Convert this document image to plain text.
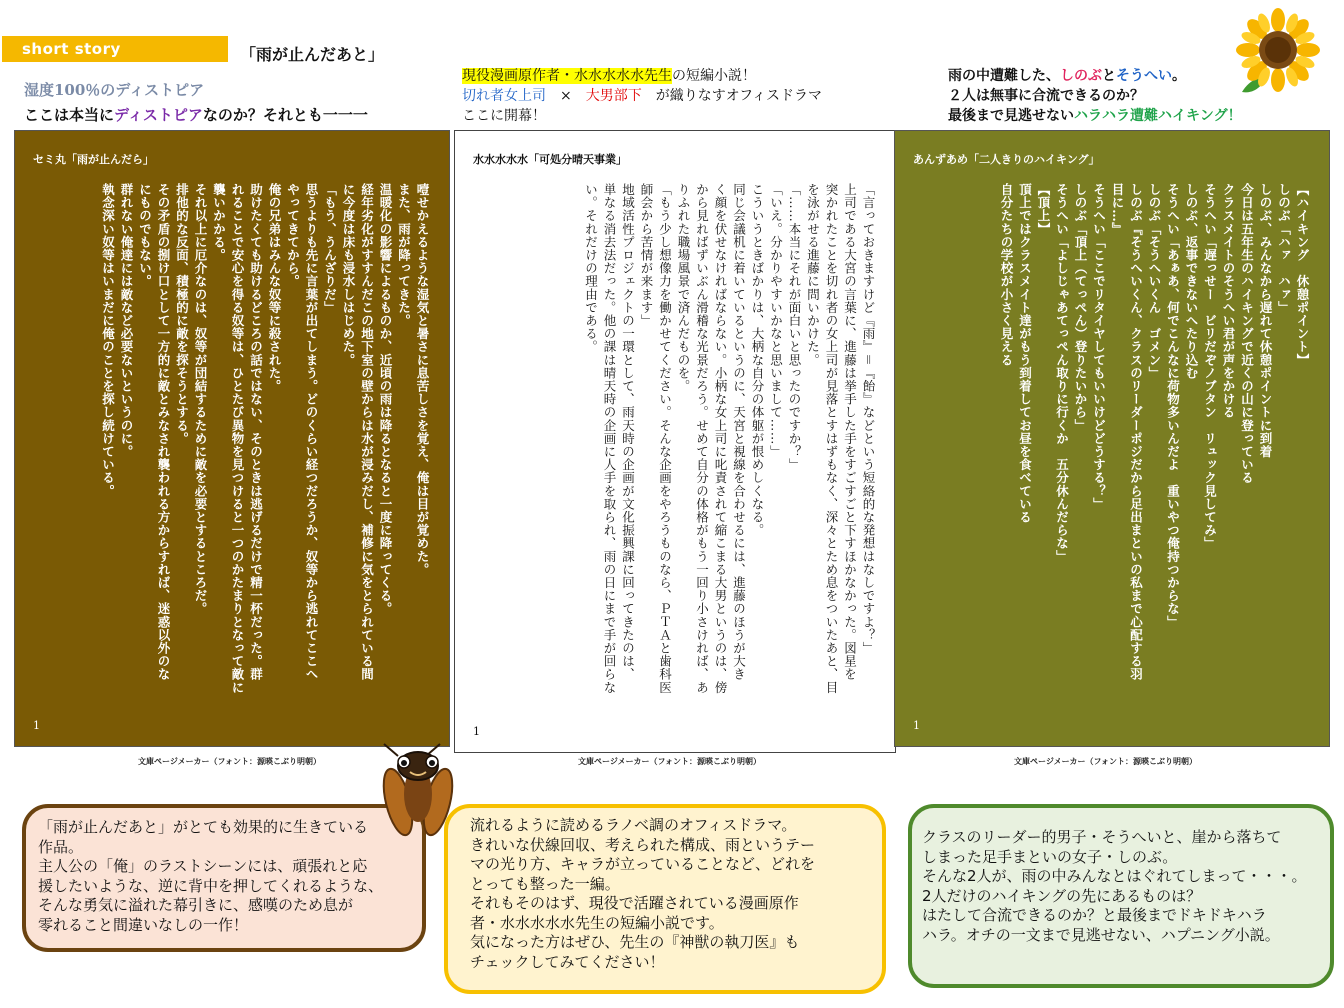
short story	「雨が止んだあと」
湿度100％のディストピア
ここは本当にディストピアなのか？それとも一一一
現役漫画原作者・水水水水水先生の短編小説！
切れ者女上司　×　大男部下　が織りなすオフィスドラマ
ここに開幕！
雨の中遭難した、しのぶとそうへい。
２人は無事に合流できるのか？
最後まで見逃せないハラハラ遭難ハイキング！
セミ丸「雨が止んだら」
噎せかえるような湿気と暑さに息苦しさを覚え、俺は目が覚めた。
また、雨が降ってきた。
温暖化の影響によるものか、近頃の雨は降るとなると一度に降ってくる。
経年劣化がすすんだこの地下室の壁からは水が浸みだし、補修に気をとられている間
に今度は床も浸水しはじめた。
「もう、うんざりだ」
思うよりも先に言葉が出てしまう。どのくらい経つだろうか、奴等から逃れてここへ
やってきてから。
俺の兄弟はみんな奴等に殺された。
助けたくても助けるどころの話ではない、そのときは逃げるだけで精一杯だった。群
れることで安心を得る奴等は、ひとたび異物を見つけると一つのかたまりとなって敵に
襲いかかる。
それ以上に厄介なのは、奴等が団結するために敵を必要とするところだ。
排他的な反面、積極的に敵を探そうとする。
その矛盾の捌け口として一方的に敵とみなされ襲われる方からすれば、迷惑以外のな
にものでもない。
群れない俺達には敵など必要ないというのに。
執念深い奴等はいまだに俺のことを探し続けている。
1
水水水水水「可処分晴天事業」
「言っておきますけど『雨』＝『飴』などという短絡的な発想はなしですよ？」
上司である大宮の言葉に、進藤は挙手した手をすごすごと下すほかなかった。図星を
突かれたことを切れ者の女上司が見落とすはずもなく、深々とため息をついたあと、目
を泳がせる進藤に問いかけた。
「……本当にそれが面白いと思ったのですか？」
「いえ。分かりやすいかなと思いまして……」
こういうときばかりは、大柄な自分の体躯が恨めしくなる。
同じ会議机に着いているというのに、天宮と視線を合わせるには、進藤のほうが大き
く顔を伏せなければならない。小柄な女上司に叱責されて縮こまる大男というのは、傍
から見ればずいぶん滑稽な光景だろう。せめて自分の体格がもう一回り小さければ、あ
りふれた職場風景で済んだものを。
「もう少し想像力を働かせてください。そんな企画をやろうものなら、ＰＴＡと歯科医
師会から苦情が来ます」
地域活性プロジェクトの一環として、雨天時の企画が文化振興課に回ってきたのは、
単なる消去法だった。他の課は晴天時の企画に人手を取られ、雨の日にまで手が回らな
い。それだけの理由である。
1
あんずあめ「二人きりのハイキング」
【ハイキング　休憩ポイント】
しのぶ「ハァ　ハァ」
しのぶ、みんなから遅れて休憩ポイントに到着
今日は五年生のハイキングで近くの山に登っている
クラスメイトのそうへい君が声をかける
そうへい「遅っせー　ビリだぞノブタン　リュック見してみ」
しのぶ、返事できないへたり込む
そうへい「あぁあ、何でこんなに荷物多いんだよ　重いやつ俺持つからな」
しのぶ「そうへいくん　ゴメン」
しのぶ『そうへいくん、クラスのリーダーポジだから足出まといの私まで心配する羽
目に…』
そうへい「ここでリタイヤしてもいいけどどうする？」
しのぶ「頂上（てっぺん）登りたいから」
そうへい「よしじゃあてっぺん取りに行くか　五分休んだらな」
【頂上】
頂上ではクラスメイト達がもう到着してお昼を食べている
自分たちの学校が小さく見える
1
文庫ページメーカー（フォント：源暎こぶり明朝）	文庫ページメーカー（フォント：源暎こぶり明朝）	文庫ページメーカー（フォント：源暎こぶり明朝）

「雨が止んだあと」がとても効果的に生きている

作品。

主人公の「俺」のラストシーンには、頑張れと応

援したいような、逆に背中を押してくれるような、

そんな勇気に溢れた幕引きに、感嘆のため息が

零れること間違いなしの一作！

流れるように読めるラノベ調のオフィスドラマ。

きれいな伏線回収、考えられた構成、雨というテー

マの光り方、キャラが立っていることなど、どれを

とっても整った一編。

それもそのはず、現役で活躍されている漫画原作

者・水水水水水先生の短編小説です。

気になった方はぜひ、先生の『神獣の執刀医』も

チェックしてみてください！

クラスのリーダー的男子・そうへいと、崖から落ちて

しまった足手まといの女子・しのぶ。

そんな2人が、雨の中みんなとはぐれてしまって・・・。

2人だけのハイキングの先にあるものは？

はたして合流できるのか？と最後までドキドキハラ

ハラ。オチの一文まで見逃せない、ハプニング小説。
